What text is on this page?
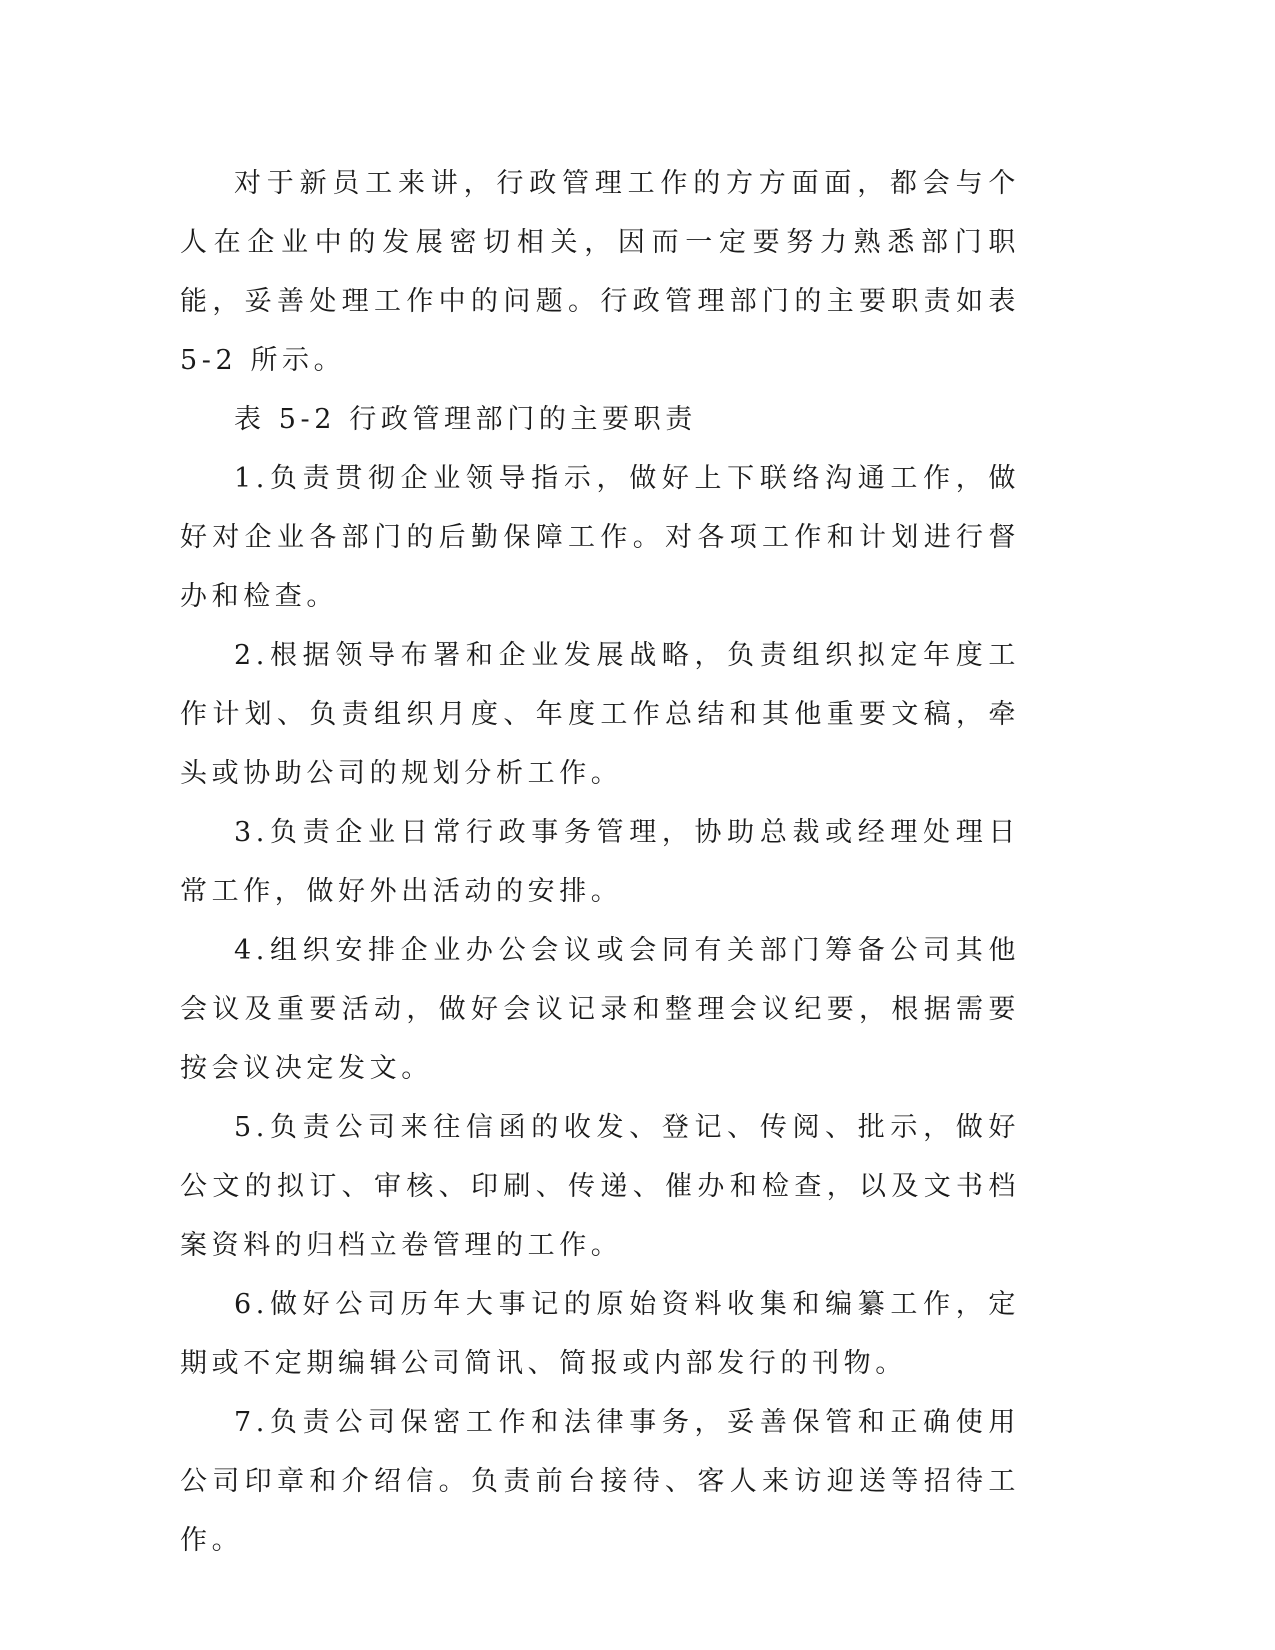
对于新员工来讲，行政管理工作的方方面面，都会与个人在企业中的发展密切相关，因而一定要努力熟悉部门职能，妥善处理工作中的问题。行政管理部门的主要职责如表 5-2 所示。

表 5-2 行政管理部门的主要职责

1.负责贯彻企业领导指示，做好上下联络沟通工作，做好对企业各部门的后勤保障工作。对各项工作和计划进行督办和检查。

2.根据领导布署和企业发展战略，负责组织拟定年度工作计划、负责组织月度、年度工作总结和其他重要文稿，牵头或协助公司的规划分析工作。

3.负责企业日常行政事务管理，协助总裁或经理处理日常工作，做好外出活动的安排。

4.组织安排企业办公会议或会同有关部门筹备公司其他会议及重要活动，做好会议记录和整理会议纪要，根据需要按会议决定发文。

5.负责公司来往信函的收发、登记、传阅、批示，做好公文的拟订、审核、印刷、传递、催办和检查，以及文书档案资料的归档立卷管理的工作。

6.做好公司历年大事记的原始资料收集和编纂工作，定期或不定期编辑公司简讯、简报或内部发行的刊物。

7.负责公司保密工作和法律事务，妥善保管和正确使用公司印章和介绍信。负责前台接待、客人来访迎送等招待工作。
